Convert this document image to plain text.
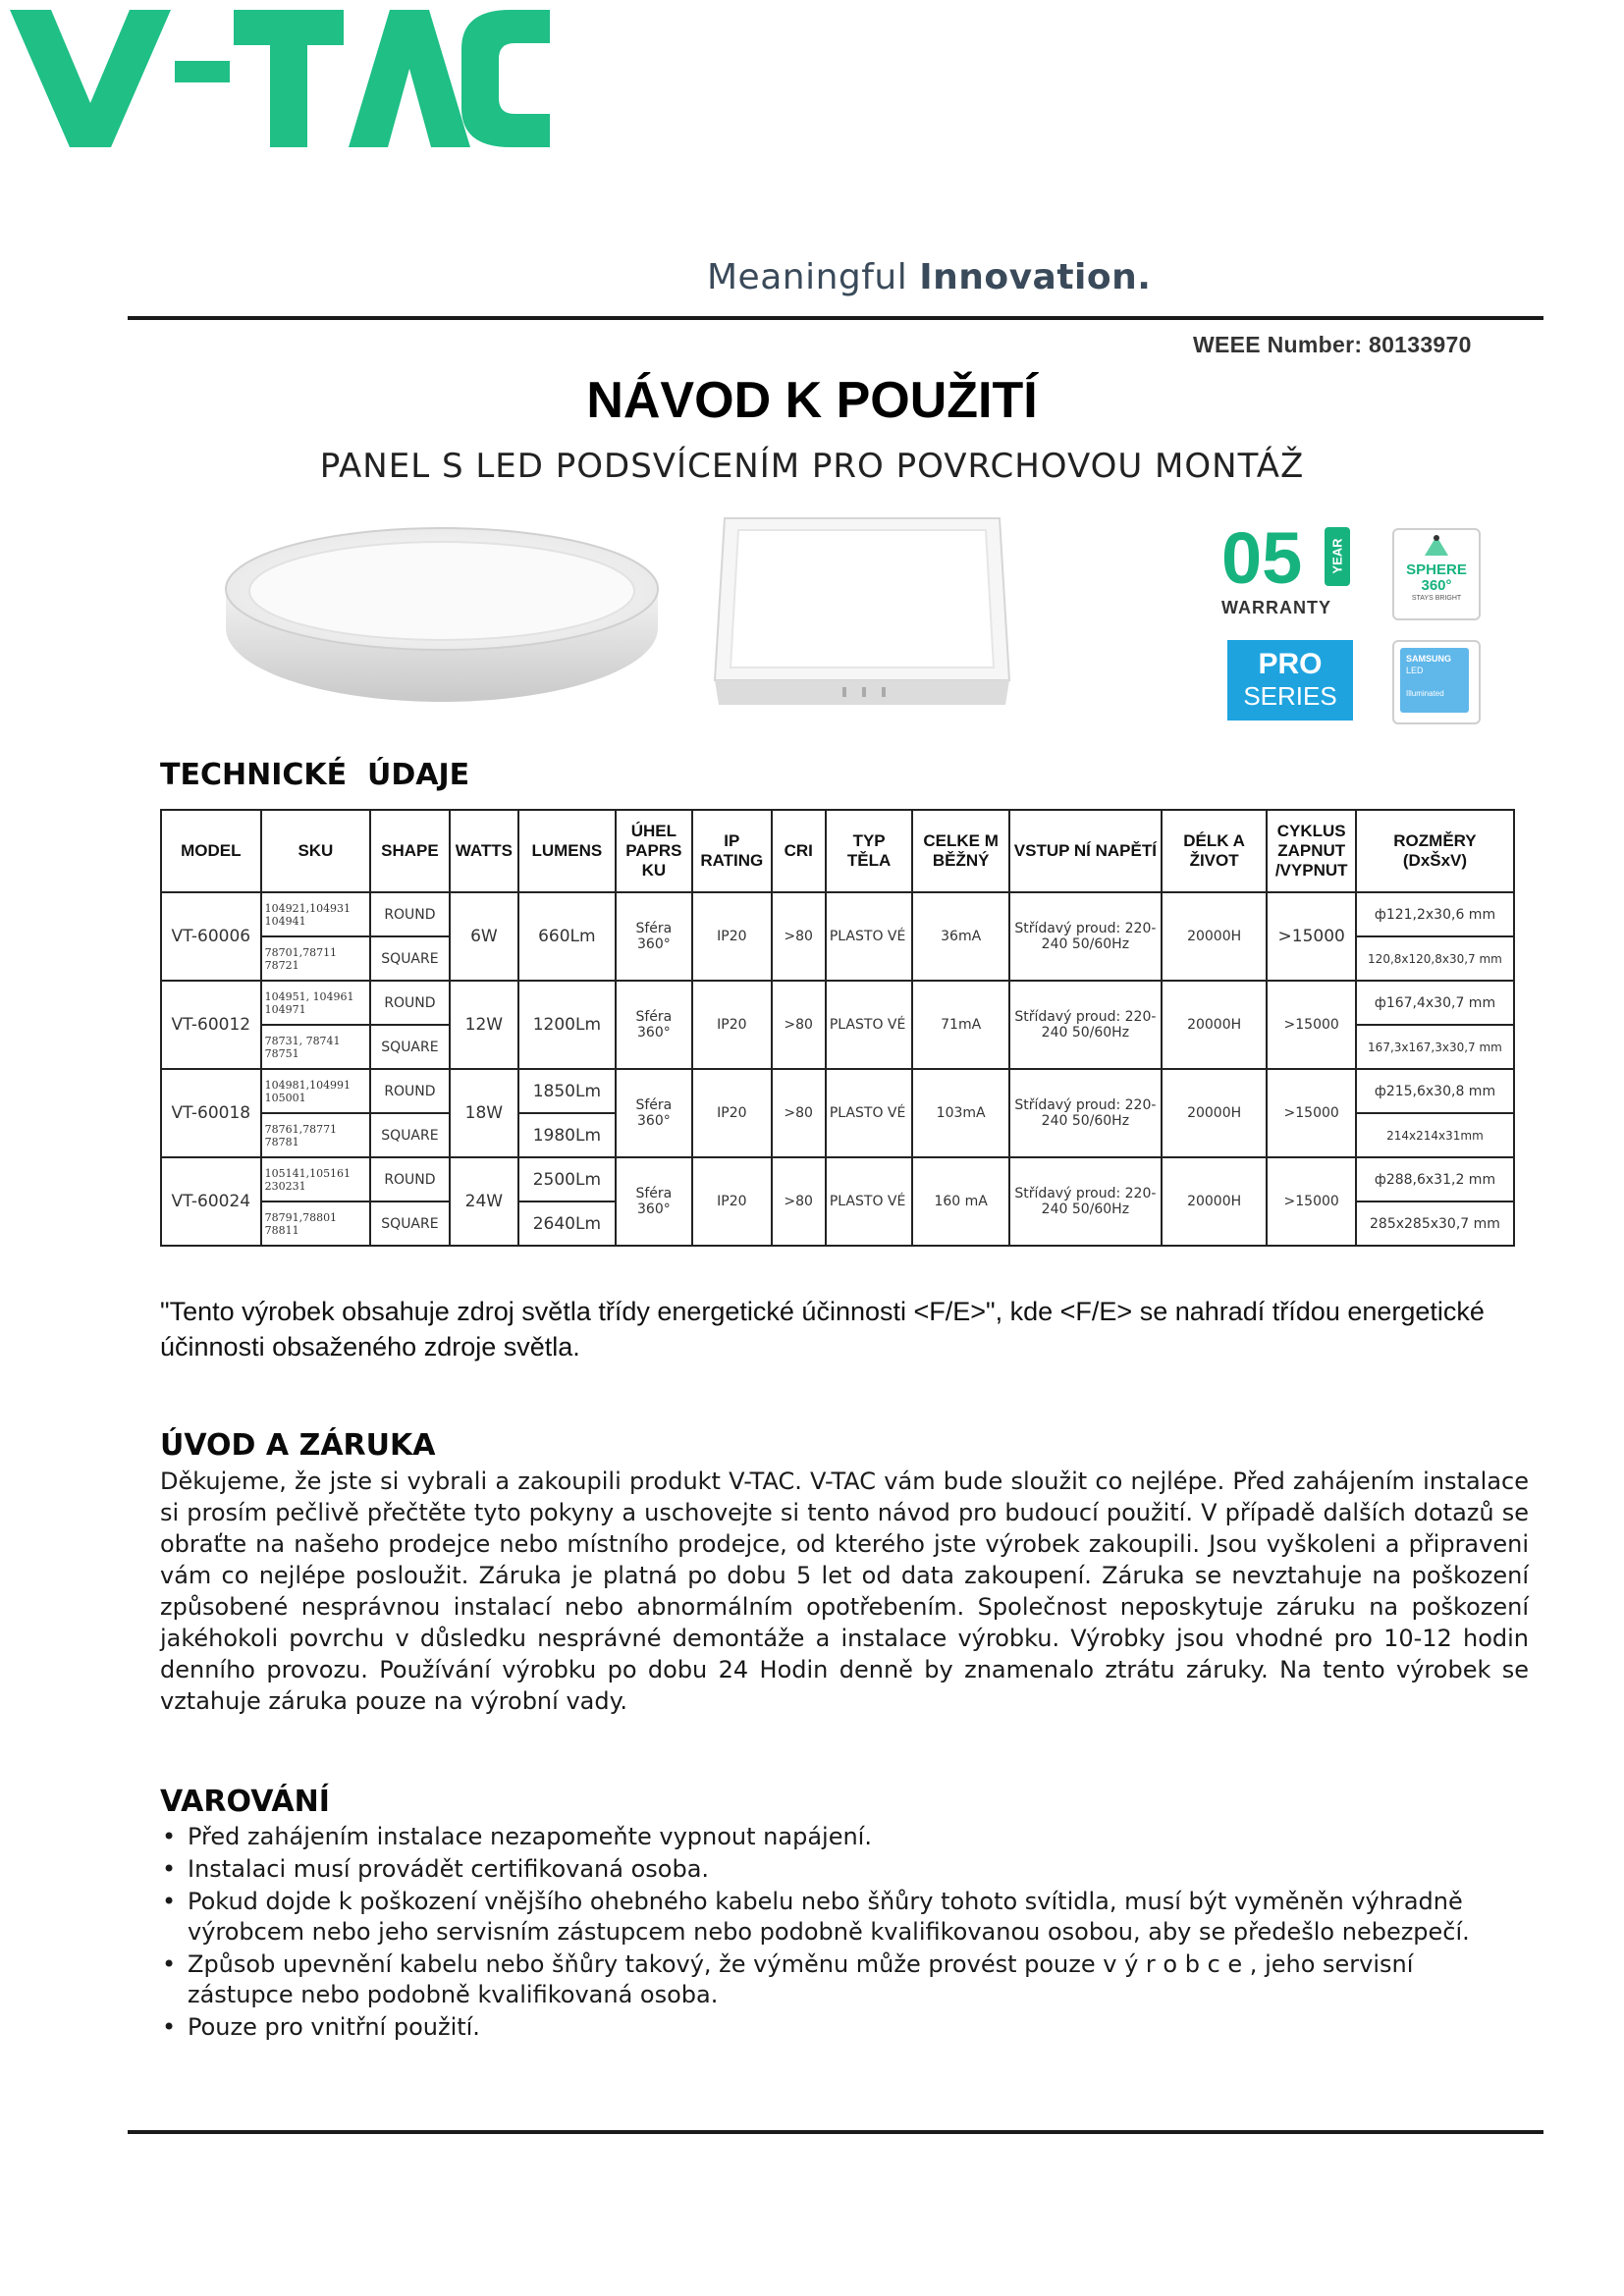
Meaningful Innovation.
WEEE Number: 80133970
NÁVOD K POUŽITÍ
PANEL S LED PODSVÍCENÍM PRO POVRCHOVOU MONTÁŽ
05 YEAR
WARRANTY
SPHERE
360°
STAYS BRIGHT
PRO
SERIES
SAMSUNG
LED
Illuminated
TECHNICKÉ  ÚDAJE
MODEL	SKU	SHAPE	WATTS	LUMENS	ÚHEL PAPRS KU	IP RATING	CRI	TYP TĚLA	CELKE M BĚŽNÝ	VSTUP NÍ NAPĚTÍ	DÉLK A ŽIVOT	CYKLUS ZAPNUT /VYPNUT	ROZMĚRY (DxŠxV)
VT-60006	104921,104931 104941	ROUND	6W	660Lm	Sféra 360°	IP20	>80	PLASTO VÉ	36mA	Střídavý proud: 220-240 50/60Hz	20000H	>15000	ф121,2x30,6 mm
	78701,78711 78721	SQUARE											120,8x120,8x30,7 mm
VT-60012	104951, 104961 104971	ROUND	12W	1200Lm	Sféra 360°	IP20	>80	PLASTO VÉ	71mA	Střídavý proud: 220-240 50/60Hz	20000H	>15000	ф167,4x30,7 mm
	78731, 78741 78751	SQUARE											167,3x167,3x30,7 mm
VT-60018	104981,104991 105001	ROUND	18W	1850Lm	Sféra 360°	IP20	>80	PLASTO VÉ	103mA	Střídavý proud: 220-240 50/60Hz	20000H	>15000	ф215,6x30,8 mm
	78761,78771 78781	SQUARE		1980Lm									214x214x31mm
VT-60024	105141,105161 230231	ROUND	24W	2500Lm	Sféra 360°	IP20	>80	PLASTO VÉ	160 mA	Střídavý proud: 220-240 50/60Hz	20000H	>15000	ф288,6x31,2 mm
	78791,78801 78811	SQUARE		2640Lm									285x285x30,7 mm
"Tento výrobek obsahuje zdroj světla třídy energetické účinnosti <F/E>", kde <F/E> se nahradí třídou energetické účinnosti obsaženého zdroje světla.
ÚVOD A ZÁRUKA
Děkujeme, že jste si vybrali a zakoupili produkt V-TAC. V-TAC vám bude sloužit co nejlépe. Před zahájením instalace si prosím pečlivě přečtěte tyto pokyny a uschovejte si tento návod pro budoucí použití. V případě dalších dotazů se obraťte na našeho prodejce nebo místního prodejce, od kterého jste výrobek zakoupili. Jsou vyškoleni a připraveni vám co nejlépe posloužit. Záruka je platná po dobu 5 let od data zakoupení. Záruka se nevztahuje na poškození způsobené nesprávnou instalací nebo abnormálním opotřebením. Společnost neposkytuje záruku na poškození jakéhokoli povrchu v důsledku nesprávné demontáže a instalace výrobku. Výrobky jsou vhodné pro 10-12 hodin denního provozu. Používání výrobku po dobu 24 Hodin denně by znamenalo ztrátu záruky. Na tento výrobek se vztahuje záruka pouze na výrobní vady.
VAROVÁNÍ
• Před zahájením instalace nezapomeňte vypnout napájení.
• Instalaci musí provádět certifikovaná osoba.
• Pokud dojde k poškození vnějšího ohebného kabelu nebo šňůry tohoto svítidla, musí být vyměněn výhradně výrobcem nebo jeho servisním zástupcem nebo podobně kvalifikovanou osobou, aby se předešlo nebezpečí.
• Způsob upevnění kabelu nebo šňůry takový, že výměnu může provést pouze v ý r o b c e , jeho servisní zástupce nebo podobně kvalifikovaná osoba.
• Pouze pro vnitřní použití.
